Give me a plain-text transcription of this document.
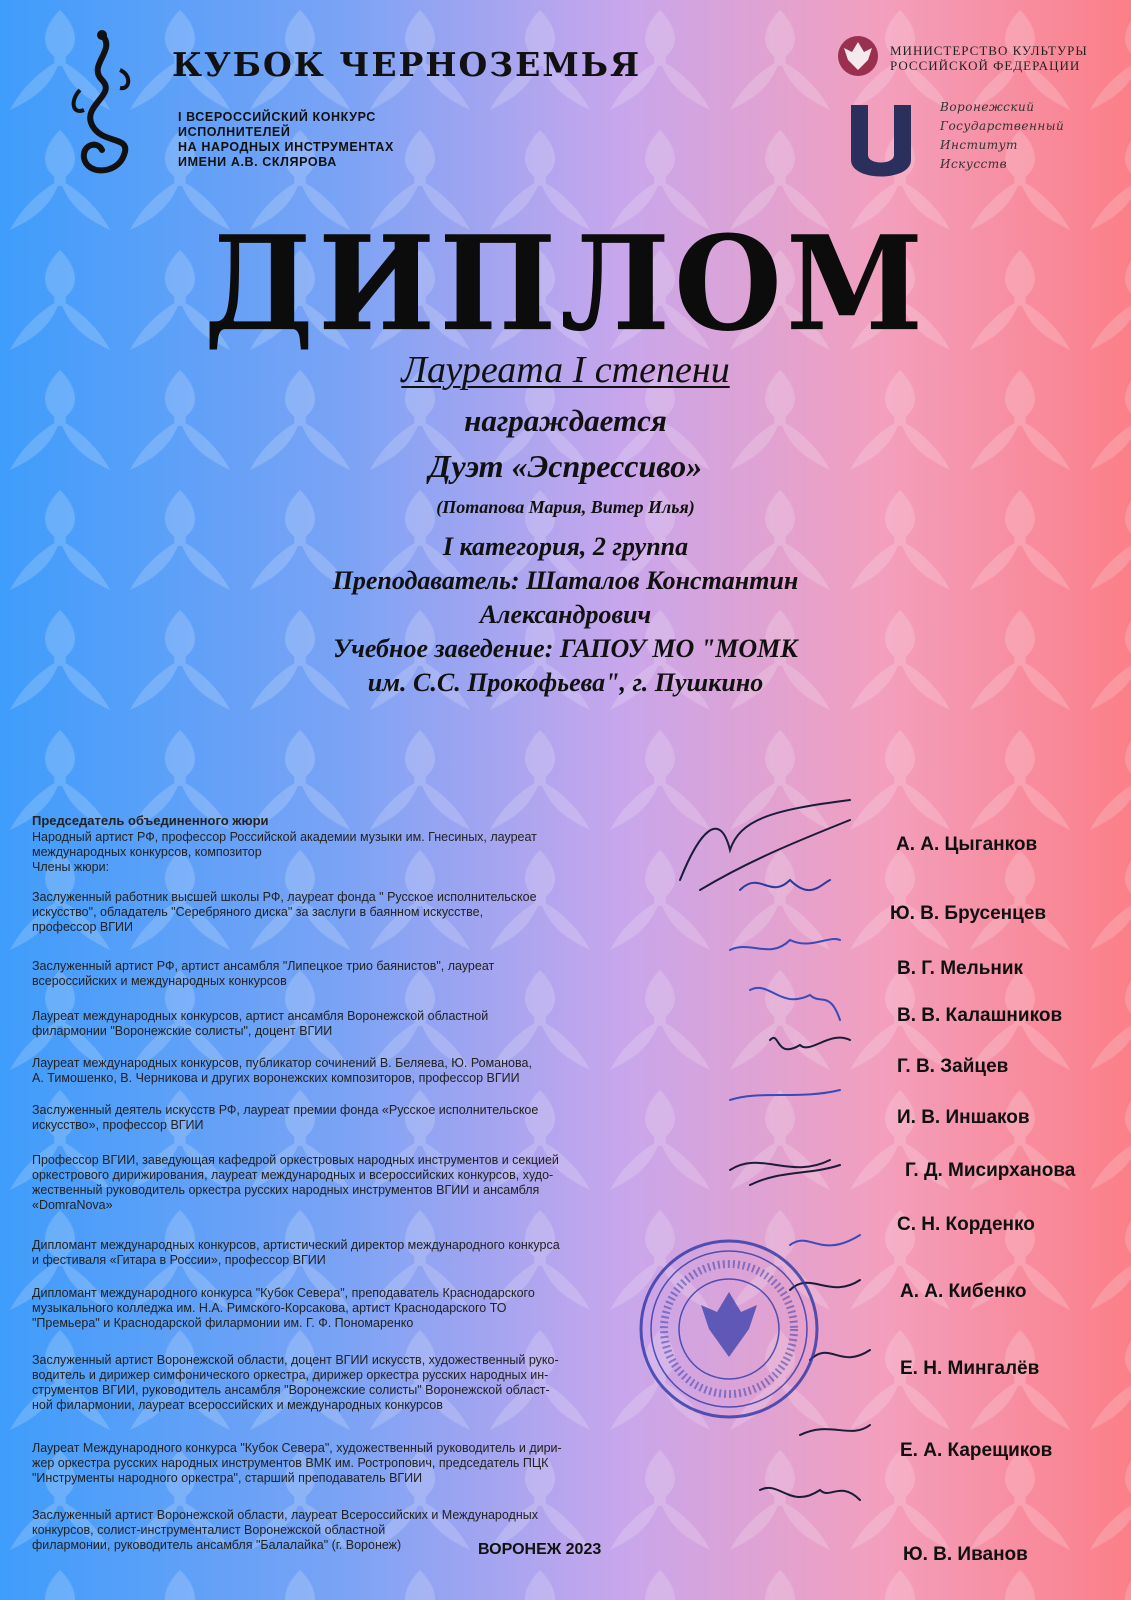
КУБОК ЧЕРНОЗЕМЬЯ
I ВСЕРОССИЙСКИЙ КОНКУРС
ИСПОЛНИТЕЛЕЙ
НА НАРОДНЫХ ИНСТРУМЕНТАХ
ИМЕНИ А.В. СКЛЯРОВА
МИНИСТЕРСТВО КУЛЬТУРЫ
РОССИЙСКОЙ ФЕДЕРАЦИИ
Воронежский
Государственный
Институт
Искусств
ДИПЛОМ
Лауреата I степени
награждается
Дуэт «Эспрессиво»
(Потапова Мария, Витер Илья)
I категория, 2 группа
Преподаватель: Шаталов Константин
Александрович
Учебное заведение: ГАПОУ МО "МОМК
им. С.С. Прокофьева", г. Пушкино
Председатель объединенного жюри
Народный артист РФ, профессор Российской академии музыки им. Гнесиных, лауреат
международных конкурсов, композитор
Члены жюри:
Заслуженный работник высшей школы РФ, лауреат фонда " Русское исполнительское
искусство", обладатель "Серебряного диска" за заслуги в баянном искусстве,
профессор ВГИИ
Заслуженный артист РФ, артист ансамбля "Липецкое трио баянистов", лауреат
всероссийских и международных конкурсов
Лауреат международных конкурсов, артист ансамбля Воронежской областной
филармонии "Воронежские солисты", доцент ВГИИ
Лауреат международных конкурсов, публикатор сочинений В. Беляева, Ю. Романова,
А. Тимошенко, В. Черникова и других воронежских композиторов, профессор ВГИИ
Заслуженный деятель искусств РФ, лауреат премии фонда «Русское исполнительское
искусство», профессор ВГИИ
Профессор ВГИИ, заведующая кафедрой оркестровых народных инструментов и секцией
оркестрового дирижирования, лауреат международных и всероссийских конкурсов, худо-
жественный руководитель оркестра русских народных инструментов ВГИИ и ансамбля
«DomraNova»
Дипломант международных конкурсов, артистический директор международного конкурса
и фестиваля «Гитара в России», профессор ВГИИ
Дипломант международного конкурса "Кубок Севера", преподаватель Краснодарского
музыкального колледжа им. Н.А. Римского-Корсакова, артист Краснодарского ТО
"Премьера" и Краснодарской филармонии им. Г. Ф. Пономаренко
Заслуженный артист Воронежской области, доцент ВГИИ искусств, художественный руко-
водитель и дирижер симфонического оркестра, дирижер оркестра русских народных ин-
струментов ВГИИ, руководитель ансамбля "Воронежские солисты" Воронежской област-
ной филармонии, лауреат всероссийских и международных конкурсов
Лауреат Международного конкурса "Кубок Севера", художественный руководитель и дири-
жер оркестра русских народных инструментов ВМК им. Ростропович, председатель ПЦК
"Инструменты народного оркестра", старший преподаватель ВГИИ
Заслуженный артист Воронежской области, лауреат Всероссийских и Международных
конкурсов, солист-инструменталист Воронежской областной
филармонии, руководитель ансамбля "Балалайка" (г. Воронеж)
А. А. Цыганков
Ю. В. Брусенцев
В. Г. Мельник
В. В. Калашников
Г. В. Зайцев
И. В. Иншаков
Г. Д. Мисирханова
С. Н. Корденко
А. А. Кибенко
Е. Н. Мингалёв
Е. А. Карещиков
Ю. В. Иванов
ВОРОНЕЖ 2023
